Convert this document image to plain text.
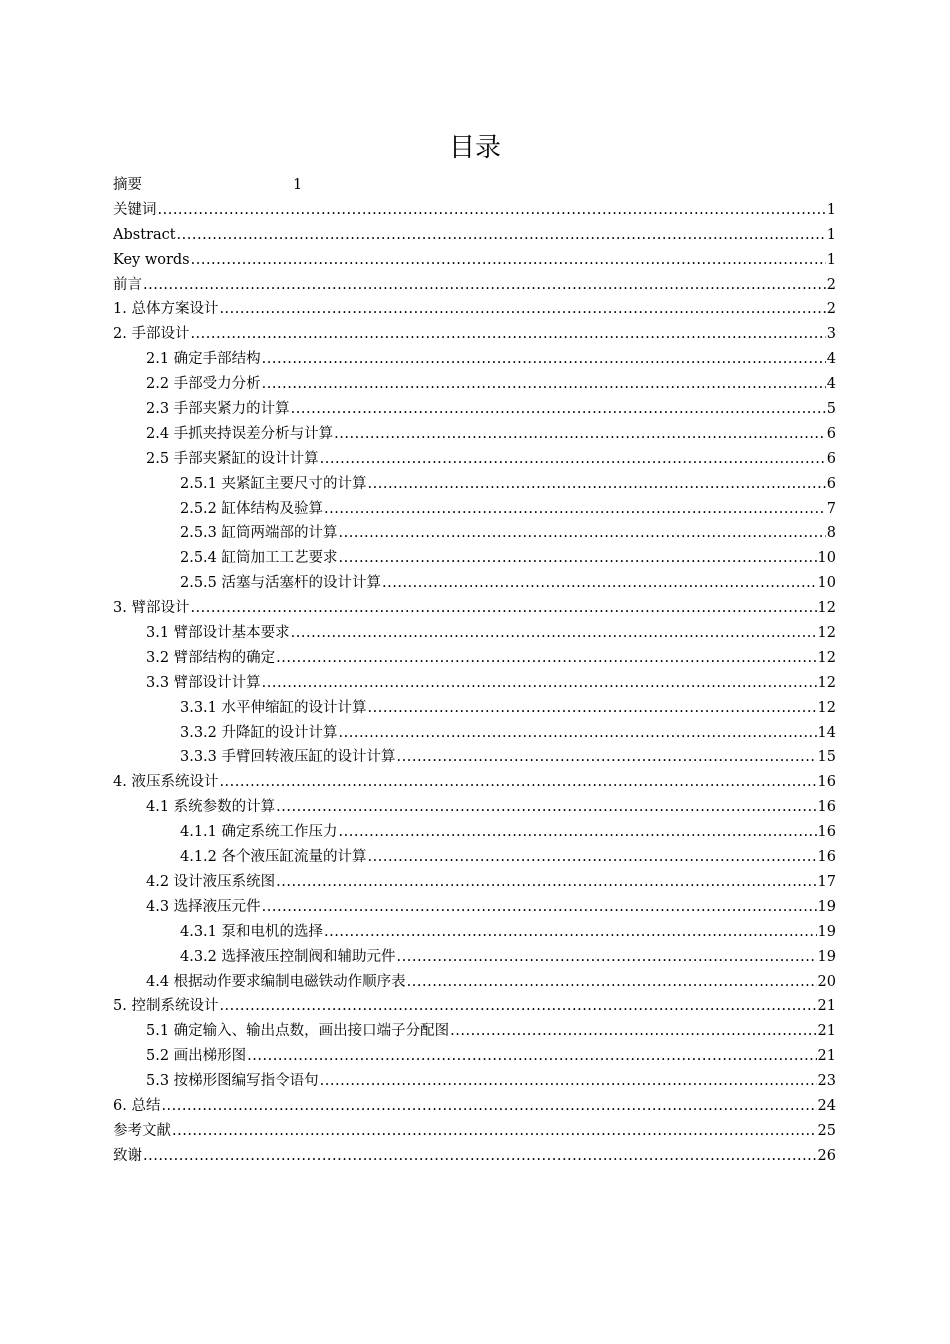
目录
摘要	1
关键词 .....	1
Abstract .....	1
Key words .....	1
前言 .....	2
1. 总体方案设计 .....	2
2. 手部设计 .....	3
2.1 确定手部结构 .....	4
2.2 手部受力分析 .....	4
2.3 手部夹紧力的计算 .....	5
2.4 手抓夹持误差分析与计算 .....	6
2.5 手部夹紧缸的设计计算 .....	6
2.5.1 夹紧缸主要尺寸的计算 .....	6
2.5.2 缸体结构及验算 .....	7
2.5.3 缸筒两端部的计算 .....	8
2.5.4 缸筒加工工艺要求 .....	10
2.5.5 活塞与活塞杆的设计计算 .....	10
3. 臂部设计 .....	12
3.1 臂部设计基本要求 .....	12
3.2 臂部结构的确定 .....	12
3.3 臂部设计计算 .....	12
3.3.1 水平伸缩缸的设计计算 .....	12
3.3.2 升降缸的设计计算 .....	14
3.3.3 手臂回转液压缸的设计计算 .....	15
4. 液压系统设计 .....	16
4.1 系统参数的计算 .....	16
4.1.1 确定系统工作压力 .....	16
4.1.2 各个液压缸流量的计算 .....	16
4.2 设计液压系统图 .....	17
4.3 选择液压元件 .....	19
4.3.1 泵和电机的选择 .....	19
4.3.2 选择液压控制阀和辅助元件 .....	19
4.4 根据动作要求编制电磁铁动作顺序表 .....	20
5. 控制系统设计 .....	21
5.1 确定输入、输出点数，画出接口端子分配图 .....	21
5.2 画出梯形图 .....	21
5.3 按梯形图编写指令语句 .....	23
6. 总结 .....	24
参考文献 .....	25
致谢 .....	26
